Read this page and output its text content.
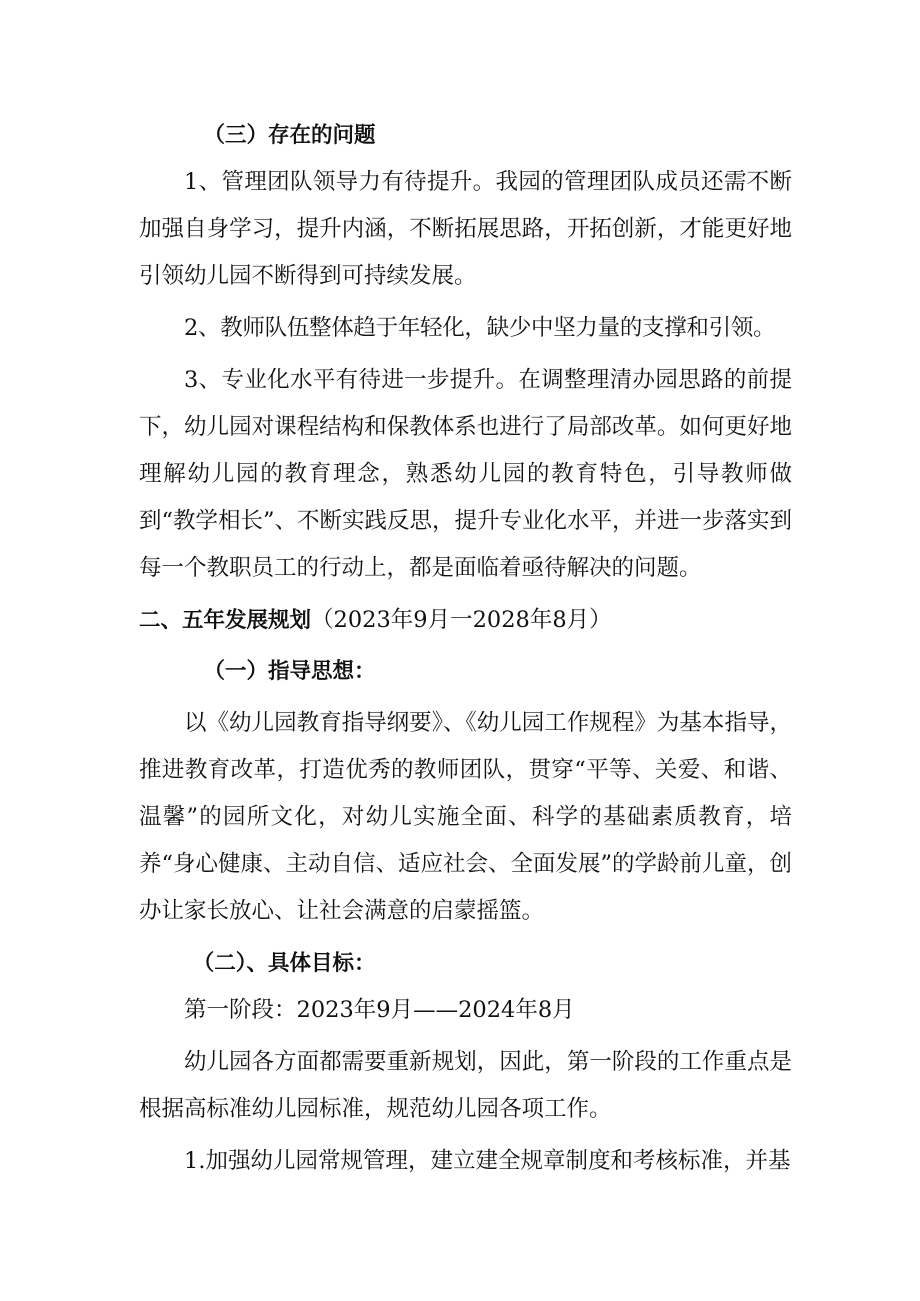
（三）存在的问题

1、管理团队领导力有待提升。我园的管理团队成员还需不断加强自身学习，提升内涵，不断拓展思路，开拓创新，才能更好地引领幼儿园不断得到可持续发展。

2、教师队伍整体趋于年轻化，缺少中坚力量的支撑和引领。

3、专业化水平有待进一步提升。在调整理清办园思路的前提下，幼儿园对课程结构和保教体系也进行了局部改革。如何更好地理解幼儿园的教育理念，熟悉幼儿园的教育特色，引导教师做到“教学相长”、不断实践反思，提升专业化水平，并进一步落实到每一个教职员工的行动上，都是面临着亟待解决的问题。

二、五年发展规划（2023年9月一2028年8月）

（一）指导思想：

以《幼儿园教育指导纲要》、《幼儿园工作规程》为基本指导，推进教育改革，打造优秀的教师团队，贯穿“平等、关爱、和谐、温馨”的园所文化，对幼儿实施全面、科学的基础素质教育，培养“身心健康、主动自信、适应社会、全面发展”的学龄前儿童，创办让家长放心、让社会满意的启蒙摇篮。

（二）、具体目标：

第一阶段：2023年9月——2024年8月

幼儿园各方面都需要重新规划，因此，第一阶段的工作重点是根据高标准幼儿园标准，规范幼儿园各项工作。

1.加强幼儿园常规管理，建立建全规章制度和考核标准，并基
